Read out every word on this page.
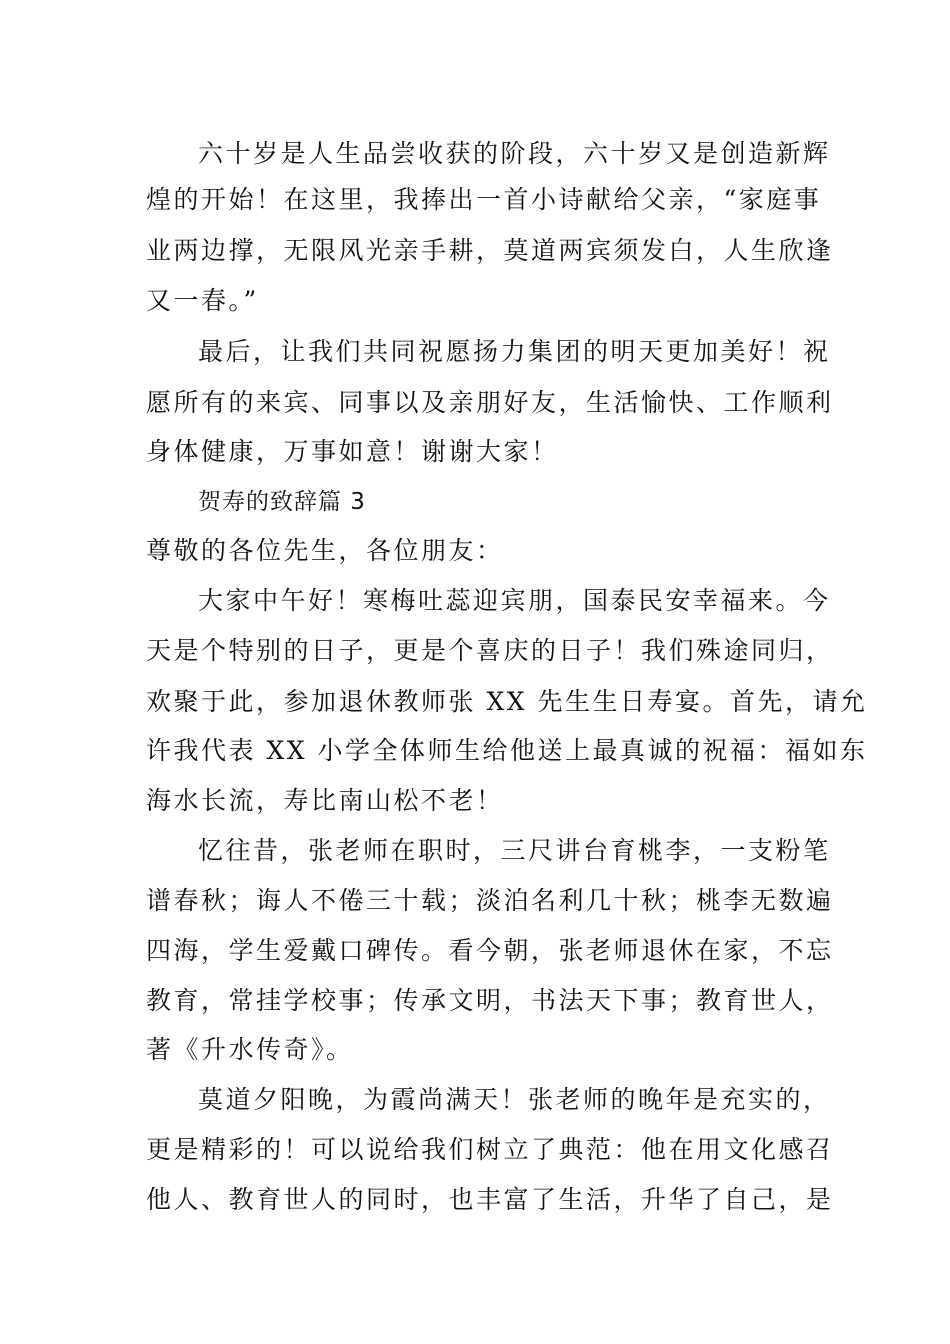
六十岁是人生品尝收获的阶段，六十岁又是创造新辉

煌的开始！在这里，我捧出一首小诗献给父亲，“家庭事

业两边撑，无限风光亲手耕，莫道两宾须发白，人生欣逢

又一春。”

最后，让我们共同祝愿扬力集团的明天更加美好！祝

愿所有的来宾、同事以及亲朋好友，生活愉快、工作顺利

身体健康，万事如意！谢谢大家！

贺寿的致辞篇 3

尊敬的各位先生，各位朋友：

大家中午好！寒梅吐蕊迎宾朋，国泰民安幸福来。今

天是个特别的日子，更是个喜庆的日子！我们殊途同归，

欢聚于此，参加退休教师张 XX 先生生日寿宴。首先，请允

许我代表 XX 小学全体师生给他送上最真诚的祝福：福如东

海水长流，寿比南山松不老！

忆往昔，张老师在职时，三尺讲台育桃李，一支粉笔

谱春秋；诲人不倦三十载；淡泊名利几十秋；桃李无数遍

四海，学生爱戴口碑传。看今朝，张老师退休在家，不忘

教育，常挂学校事；传承文明，书法天下事；教育世人，

著《升水传奇》。

莫道夕阳晚，为霞尚满天！张老师的晚年是充实的，

更是精彩的！可以说给我们树立了典范：他在用文化感召

他人、教育世人的同时，也丰富了生活，升华了自己，是
